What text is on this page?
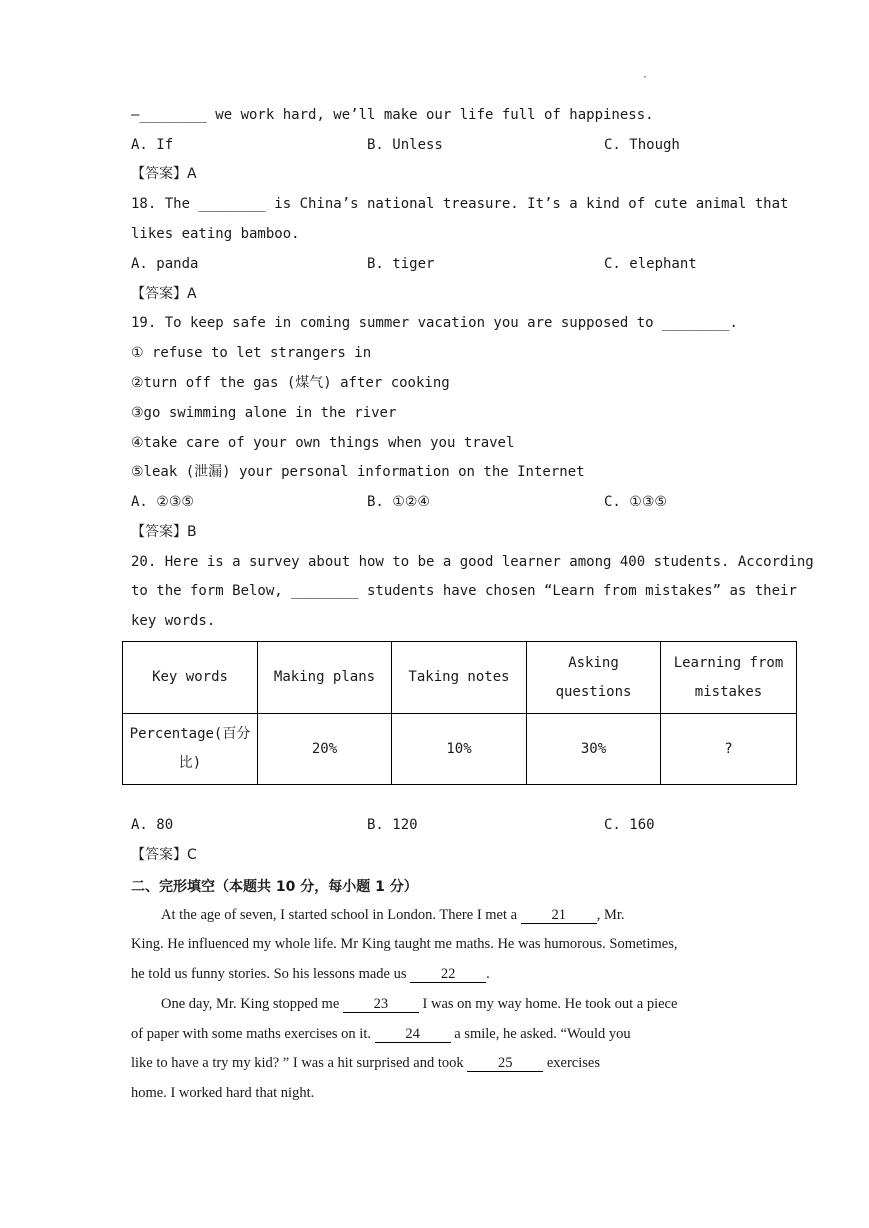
·
—________ we work hard, we’ll make our life full of happiness.
A. If	B. Unless	C. Though
【答案】A
18. The ________ is China’s national treasure. It’s a kind of cute animal that
likes eating bamboo.
A. panda	B. tiger	C. elephant
【答案】A
19. To keep safe in coming summer vacation you are supposed to ________.
① refuse to let strangers in
②turn off the gas (煤气) after cooking
③go swimming alone in the river
④take care of your own things when you travel
⑤leak (泄漏) your personal information on the Internet
A. ②③⑤	B. ①②④	C. ①③⑤
【答案】B
20. Here is a survey about how to be a good learner among 400 students. According
to the form Below, ________ students have chosen “Learn from mistakes” as their
key words.
Key words	Making plans	Taking notes	Asking questions	Learning from mistakes
Percentage(百分比)	20%	10%	30%	?
A. 80	B. 120	C. 160
【答案】C
二、完形填空（本题共 10 分，每小题 1 分）
At the age of seven, I started school in London. There I met a 21 , Mr.
King. He influenced my whole life. Mr King taught me maths. He was humorous. Sometimes,
he told us funny stories. So his lessons made us 22 .
One day, Mr. King stopped me 23 I was on my way home. He took out a piece
of paper with some maths exercises on it. 24 a smile, he asked. “Would you
like to have a try my kid? ” I was a hit surprised and took 25 exercises
home. I worked hard that night.
